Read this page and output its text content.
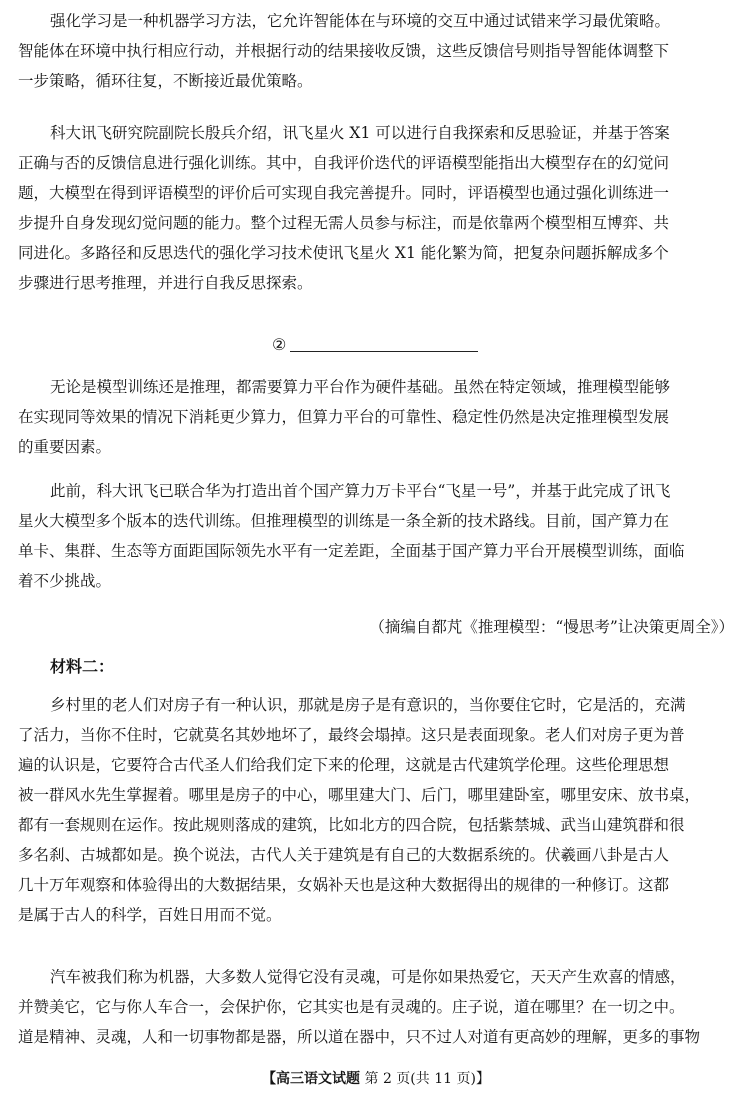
强化学习是一种机器学习方法，它允许智能体在与环境的交互中通过试错来学习最优策略。
智能体在环境中执行相应行动，并根据行动的结果接收反馈，这些反馈信号则指导智能体调整下
一步策略，循环往复，不断接近最优策略。
科大讯飞研究院副院长殷兵介绍，讯飞星火 X1 可以进行自我探索和反思验证，并基于答案
正确与否的反馈信息进行强化训练。其中，自我评价迭代的评语模型能指出大模型存在的幻觉问
题，大模型在得到评语模型的评价后可实现自我完善提升。同时，评语模型也通过强化训练进一
步提升自身发现幻觉问题的能力。整个过程无需人员参与标注，而是依靠两个模型相互博弈、共
同进化。多路径和反思迭代的强化学习技术使讯飞星火 X1 能化繁为简，把复杂问题拆解成多个
步骤进行思考推理，并进行自我反思探索。
②
无论是模型训练还是推理，都需要算力平台作为硬件基础。虽然在特定领域，推理模型能够
在实现同等效果的情况下消耗更少算力，但算力平台的可靠性、稳定性仍然是决定推理模型发展
的重要因素。
此前，科大讯飞已联合华为打造出首个国产算力万卡平台“飞星一号”，并基于此完成了讯飞
星火大模型多个版本的迭代训练。但推理模型的训练是一条全新的技术路线。目前，国产算力在
单卡、集群、生态等方面距国际领先水平有一定差距，全面基于国产算力平台开展模型训练，面临
着不少挑战。
（摘编自都芃《推理模型：“慢思考”让决策更周全》）
材料二：
乡村里的老人们对房子有一种认识，那就是房子是有意识的，当你要住它时，它是活的，充满
了活力，当你不住时，它就莫名其妙地坏了，最终会塌掉。这只是表面现象。老人们对房子更为普
遍的认识是，它要符合古代圣人们给我们定下来的伦理，这就是古代建筑学伦理。这些伦理思想
被一群风水先生掌握着。哪里是房子的中心，哪里建大门、后门，哪里建卧室，哪里安床、放书桌，
都有一套规则在运作。按此规则落成的建筑，比如北方的四合院，包括紫禁城、武当山建筑群和很
多名刹、古城都如是。换个说法，古代人关于建筑是有自己的大数据系统的。伏羲画八卦是古人
几十万年观察和体验得出的大数据结果，女娲补天也是这种大数据得出的规律的一种修订。这都
是属于古人的科学，百姓日用而不觉。
汽车被我们称为机器，大多数人觉得它没有灵魂，可是你如果热爱它，天天产生欢喜的情感，
并赞美它，它与你人车合一，会保护你，它其实也是有灵魂的。庄子说，道在哪里？在一切之中。
道是精神、灵魂，人和一切事物都是器，所以道在器中，只不过人对道有更高妙的理解，更多的事物
【高三语文试题 第 2 页(共 11 页)】
